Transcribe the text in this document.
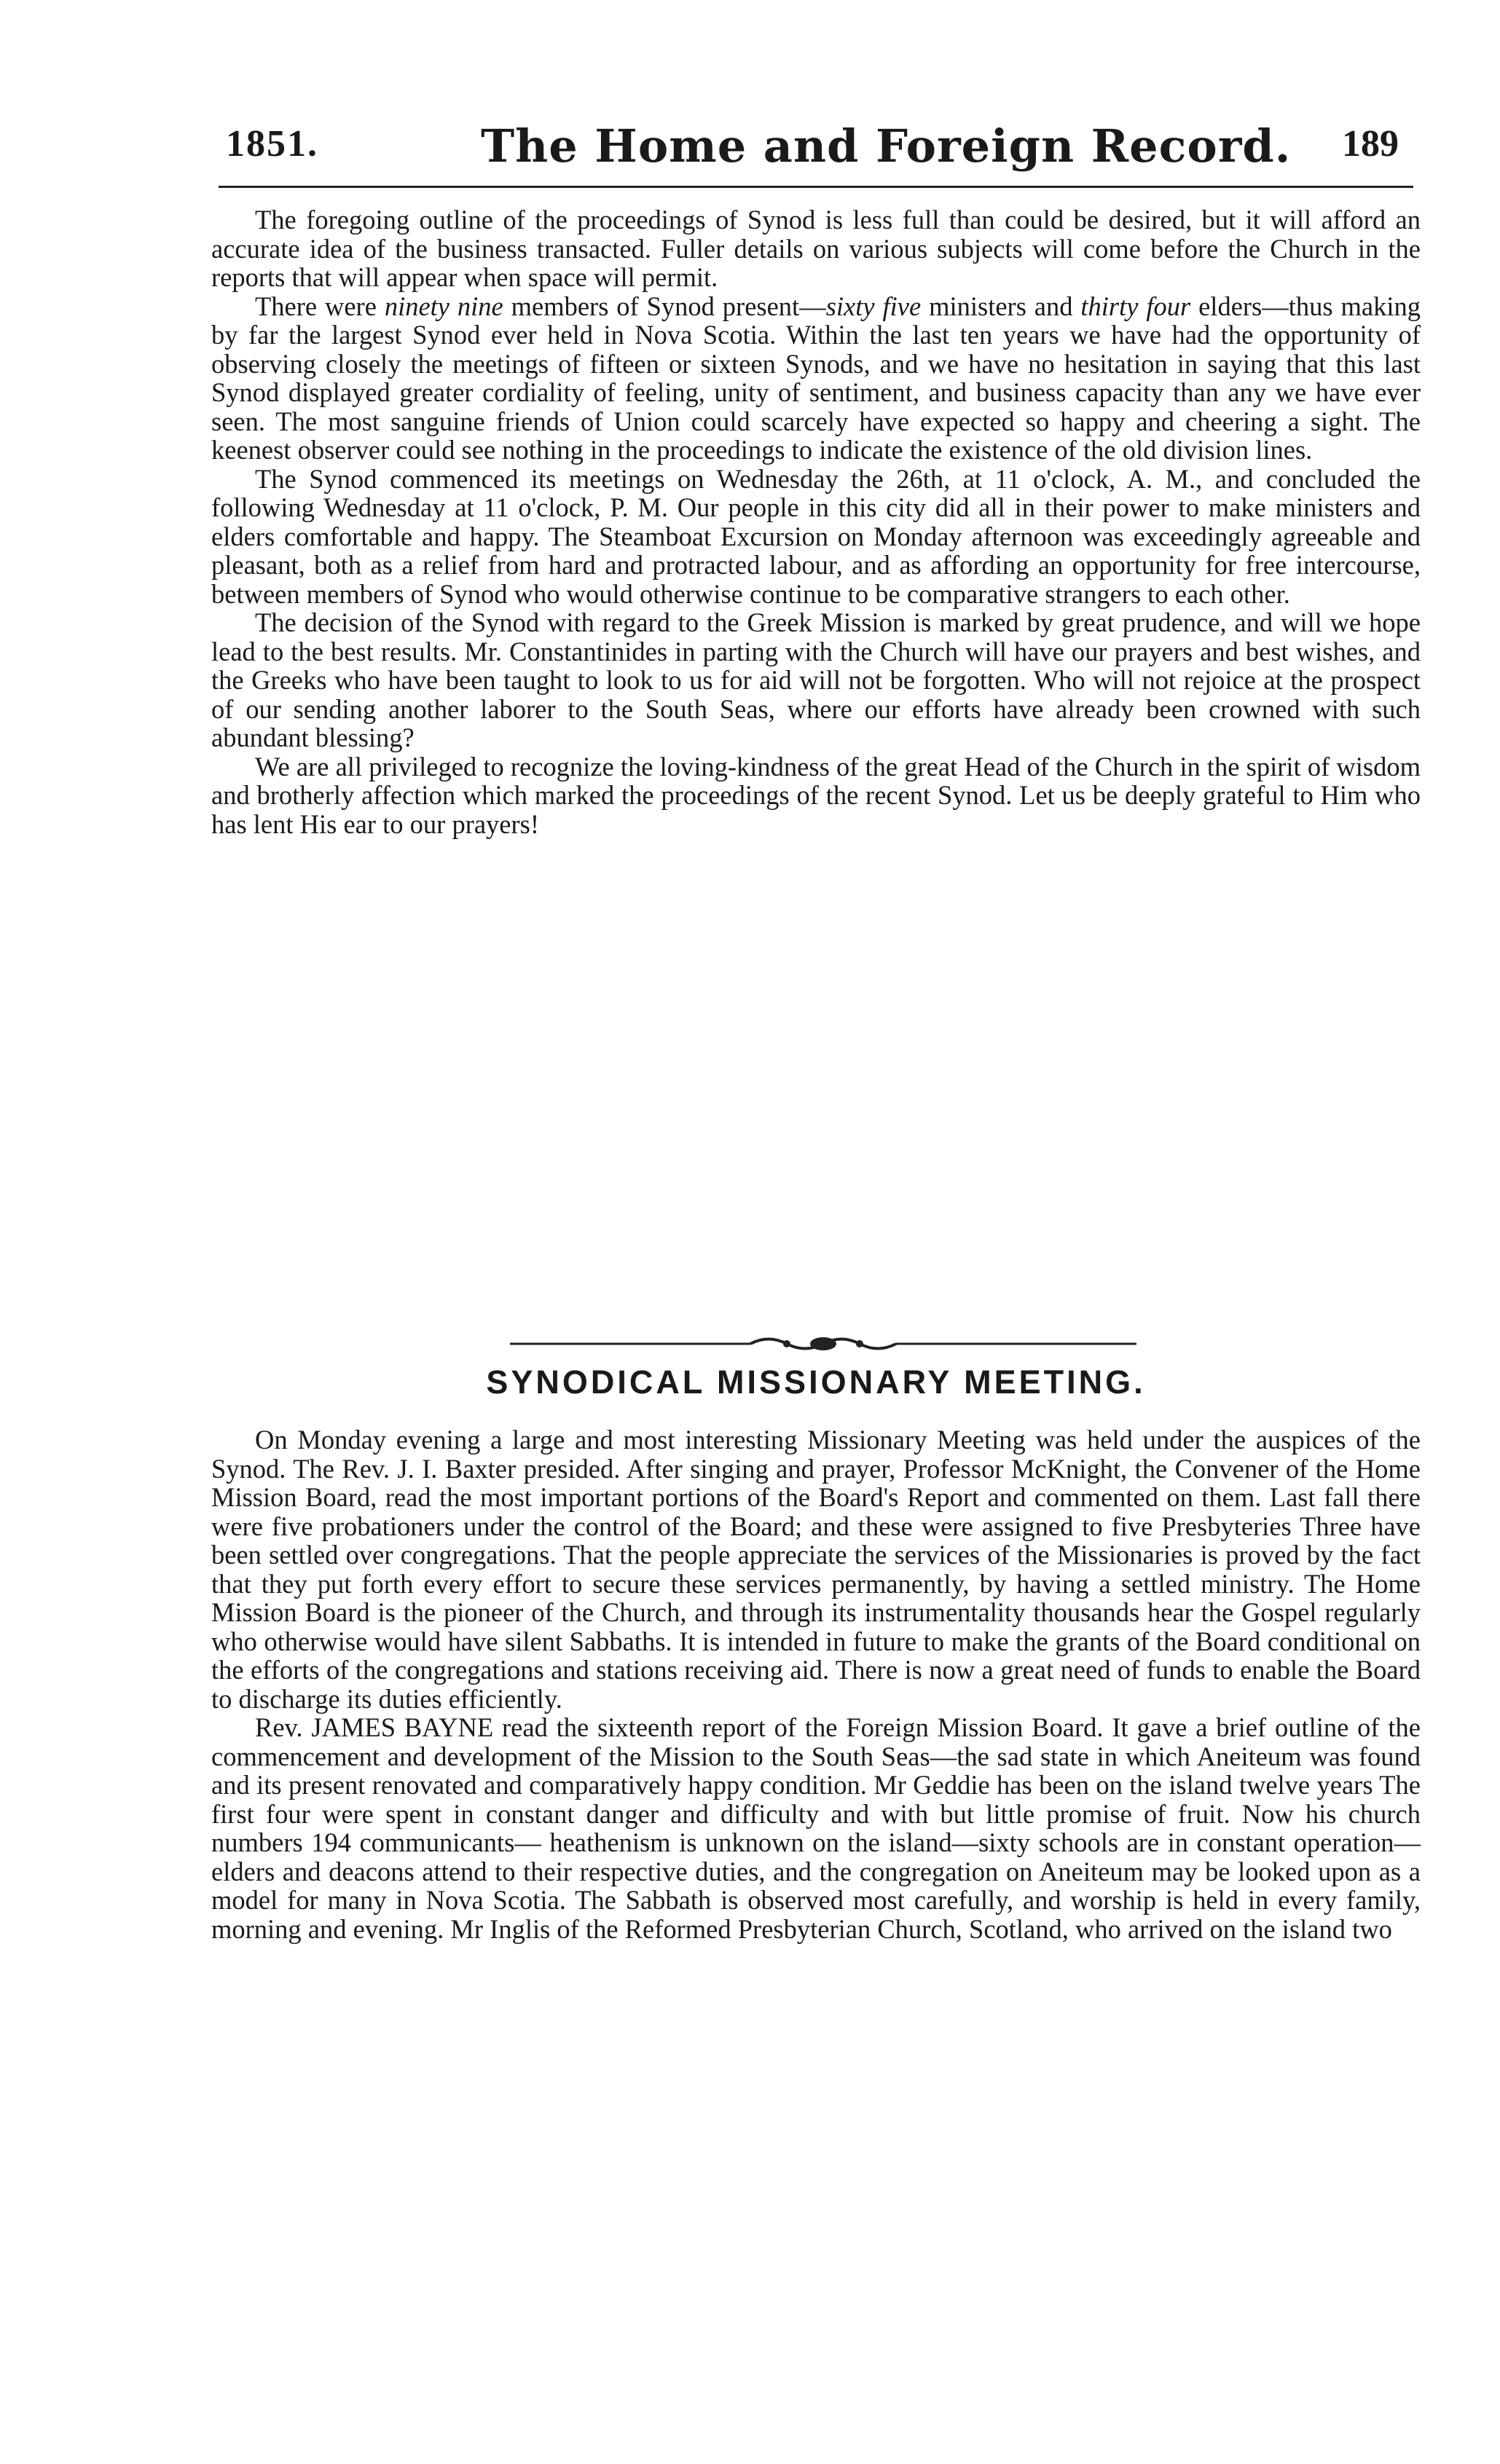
1851.	The Home and Foreign Record. 189

The foregoing outline of the proceedings of Synod is less full than could be desired, but it will afford an accurate idea of the business transacted. Fuller details on various subjects will come before the Church in the reports that will appear when space will permit.

There were ninety nine members of Synod present—sixty five ministers and thirty four elders—thus making by far the largest Synod ever held in Nova Scotia. Within the last ten years we have had the opportunity of observing closely the meetings of fifteen or sixteen Synods, and we have no hesitation in saying that this last Synod displayed greater cordiality of feeling, unity of sentiment, and business capacity than any we have ever seen. The most sanguine friends of Union could scarcely have expected so happy and cheering a sight. The keenest observer could see nothing in the proceedings to indicate the existence of the old division lines.

The Synod commenced its meetings on Wednesday the 26th, at 11 o'clock, A. M., and concluded the following Wednesday at 11 o'clock, P. M. Our people in this city did all in their power to make ministers and elders comfortable and happy. The Steamboat Excursion on Monday afternoon was exceedingly agreeable and pleasant, both as a relief from hard and protracted labour, and as affording an opportunity for free intercourse, between members of Synod who would otherwise continue to be comparative strangers to each other.

The decision of the Synod with regard to the Greek Mission is marked by great prudence, and will we hope lead to the best results. Mr. Constantinides in parting with the Church will have our prayers and best wishes, and the Greeks who have been taught to look to us for aid will not be forgotten. Who will not rejoice at the prospect of our sending another laborer to the South Seas, where our efforts have already been crowned with such abundant blessing?

We are all privileged to recognize the loving-kindness of the great Head of the Church in the spirit of wisdom and brotherly affection which marked the proceedings of the recent Synod. Let us be deeply grateful to Him who has lent His ear to our prayers!

SYNODICAL MISSIONARY MEETING.

On Monday evening a large and most interesting Missionary Meeting was held under the auspices of the Synod. The Rev. J. I. Baxter presided. After singing and prayer, Professor McKnight, the Convener of the Home Mission Board, read the most important portions of the Board's Report and commented on them. Last fall there were five probationers under the control of the Board; and these were assigned to five Presbyteries Three have been settled over congregations. That the people appreciate the services of the Missionaries is proved by the fact that they put forth every effort to secure these services permanently, by having a settled ministry. The Home Mission Board is the pioneer of the Church, and through its instrumentality thousands hear the Gospel regularly who otherwise would have silent Sabbaths. It is intended in future to make the grants of the Board conditional on the efforts of the congregations and stations receiving aid. There is now a great need of funds to enable the Board to discharge its duties efficiently.

Rev. JAMES BAYNE read the sixteenth report of the Foreign Mission Board. It gave a brief outline of the commencement and development of the Mission to the South Seas—the sad state in which Aneiteum was found and its present renovated and comparatively happy condition. Mr Geddie has been on the island twelve years The first four were spent in constant danger and difficulty and with but little promise of fruit. Now his church numbers 194 communicants— heathenism is unknown on the island—sixty schools are in constant operation—elders and deacons attend to their respective duties, and the congregation on Aneiteum may be looked upon as a model for many in Nova Scotia. The Sabbath is observed most carefully, and worship is held in every family, morning and evening. Mr Inglis of the Reformed Presbyterian Church, Scotland, who arrived on the island two
